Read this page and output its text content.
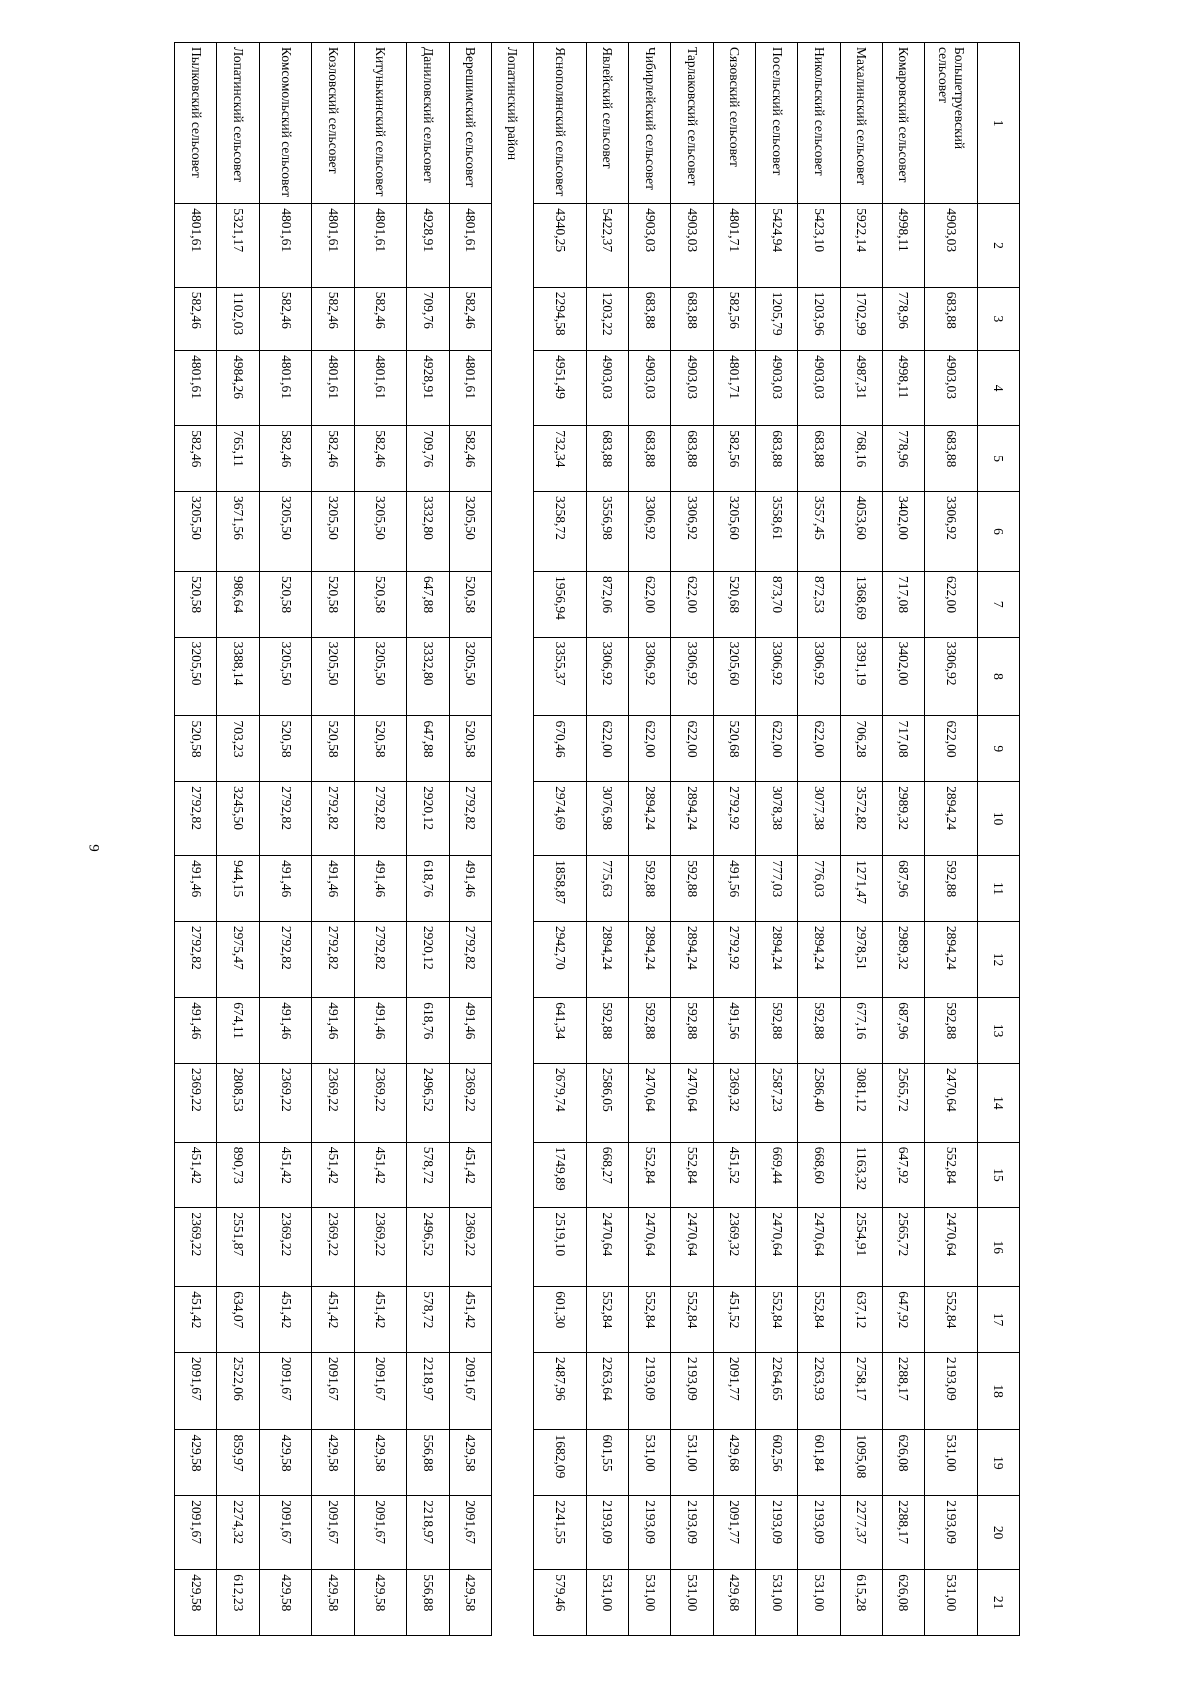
9
1	2	3	4	5	6	7	8	9	10	11	12	13	14	15	16	17	18	19	20	21
Большетруевский сельсовет	4903,03	683,88	4903,03	683,88	3306,92	622,00	3306,92	622,00	2894,24	592,88	2894,24	592,88	2470,64	552,84	2470,64	552,84	2193,09	531,00	2193,09	531,00
Комаровский сельсовет	4998,11	778,96	4998,11	778,96	3402,00	717,08	3402,00	717,08	2989,32	687,96	2989,32	687,96	2565,72	647,92	2565,72	647,92	2288,17	626,08	2288,17	626,08
Махалинский сельсовет	5922,14	1702,99	4987,31	768,16	4053,60	1368,69	3391,19	706,28	3572,82	1271,47	2978,51	677,16	3081,12	1163,32	2554,91	637,12	2758,17	1095,08	2277,37	615,28
Никольский сельсовет	5423,10	1203,96	4903,03	683,88	3557,45	872,53	3306,92	622,00	3077,38	776,03	2894,24	592,88	2586,40	668,60	2470,64	552,84	2263,93	601,84	2193,09	531,00
Посельский сельсовет	5424,94	1205,79	4903,03	683,88	3558,61	873,70	3306,92	622,00	3078,38	777,03	2894,24	592,88	2587,23	669,44	2470,64	552,84	2264,65	602,56	2193,09	531,00
Сязовский сельсовет	4801,71	582,56	4801,71	582,56	3205,60	520,68	3205,60	520,68	2792,92	491,56	2792,92	491,56	2369,32	451,52	2369,32	451,52	2091,77	429,68	2091,77	429,68
Тарлаковский сельсовет	4903,03	683,88	4903,03	683,88	3306,92	622,00	3306,92	622,00	2894,24	592,88	2894,24	592,88	2470,64	552,84	2470,64	552,84	2193,09	531,00	2193,09	531,00
Чибирлейский сельсовет	4903,03	683,88	4903,03	683,88	3306,92	622,00	3306,92	622,00	2894,24	592,88	2894,24	592,88	2470,64	552,84	2470,64	552,84	2193,09	531,00	2193,09	531,00
Явлейский сельсовет	5422,37	1203,22	4903,03	683,88	3556,98	872,06	3306,92	622,00	3076,98	775,63	2894,24	592,88	2586,05	668,27	2470,64	552,84	2263,64	601,55	2193,09	531,00
Яснополянский сельсовет	4340,25	2294,58	4951,49	732,34	3258,72	1956,94	3355,37	670,46	2974,69	1858,87	2942,70	641,34	2679,74	1749,89	2519,10	601,30	2487,96	1682,09	2241,55	579,46
Лопатинский район																				
Верешимский сельсовет	4801,61	582,46	4801,61	582,46	3205,50	520,58	3205,50	520,58	2792,82	491,46	2792,82	491,46	2369,22	451,42	2369,22	451,42	2091,67	429,58	2091,67	429,58
Даниловский сельсовет	4928,91	709,76	4928,91	709,76	3332,80	647,88	3332,80	647,88	2920,12	618,76	2920,12	618,76	2496,52	578,72	2496,52	578,72	2218,97	556,88	2218,97	556,88
Китунькинский сельсовет	4801,61	582,46	4801,61	582,46	3205,50	520,58	3205,50	520,58	2792,82	491,46	2792,82	491,46	2369,22	451,42	2369,22	451,42	2091,67	429,58	2091,67	429,58
Козловский сельсовет	4801,61	582,46	4801,61	582,46	3205,50	520,58	3205,50	520,58	2792,82	491,46	2792,82	491,46	2369,22	451,42	2369,22	451,42	2091,67	429,58	2091,67	429,58
Комсомольский сельсовет	4801,61	582,46	4801,61	582,46	3205,50	520,58	3205,50	520,58	2792,82	491,46	2792,82	491,46	2369,22	451,42	2369,22	451,42	2091,67	429,58	2091,67	429,58
Лопатинский сельсовет	5321,17	1102,03	4984,26	765,11	3671,56	986,64	3388,14	703,23	3245,50	944,15	2975,47	674,11	2808,53	890,73	2551,87	634,07	2522,06	859,97	2274,32	612,23
Пылковский сельсовет	4801,61	582,46	4801,61	582,46	3205,50	520,58	3205,50	520,58	2792,82	491,46	2792,82	491,46	2369,22	451,42	2369,22	451,42	2091,67	429,58	2091,67	429,58
